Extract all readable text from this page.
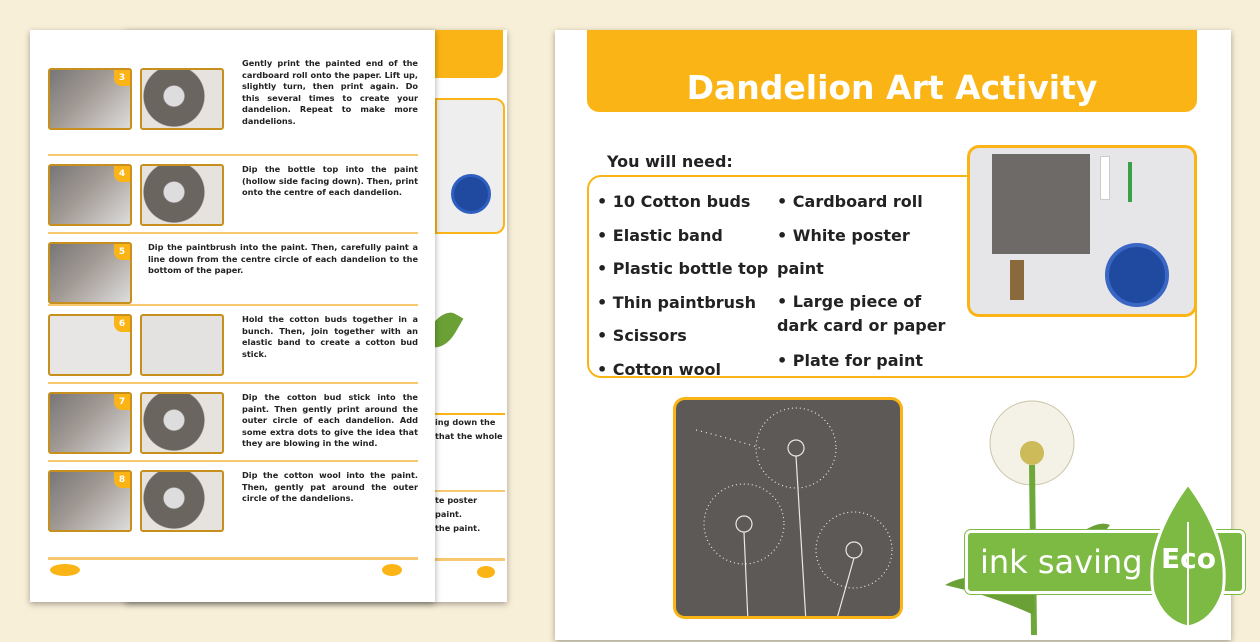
ing down the
that the whole
te poster paint.
the paint.
3
Gently print the painted end of the cardboard roll onto the paper. Lift up, slightly turn, then print again. Do this several times to create your dandelion. Repeat to make more dandelions.
4	Dip the bottle top into the paint (hollow side facing down). Then, print onto the centre of each dandelion.
5	Dip the paintbrush into the paint. Then, carefully paint a line down from the centre circle of each dandelion to the bottom of the paper.
6	Hold the cotton buds together in a bunch. Then, join together with an elastic band to create a cotton bud stick.
7	Dip the cotton bud stick into the paint. Then gently print around the outer circle of each dandelion. Add some extra dots to give the idea that they are blowing in the wind.
8	Dip the cotton wool into the paint. Then, gently pat around the outer circle of the dandelions.
Dandelion Art Activity
You will need:
• 10 Cotton buds
• Elastic band
• Plastic bottle top
• Thin paintbrush
• Scissors
• Cotton wool
• Cardboard roll
• White poster paint
• Large piece of dark card or paper
• Plate for paint
ink saving Eco
